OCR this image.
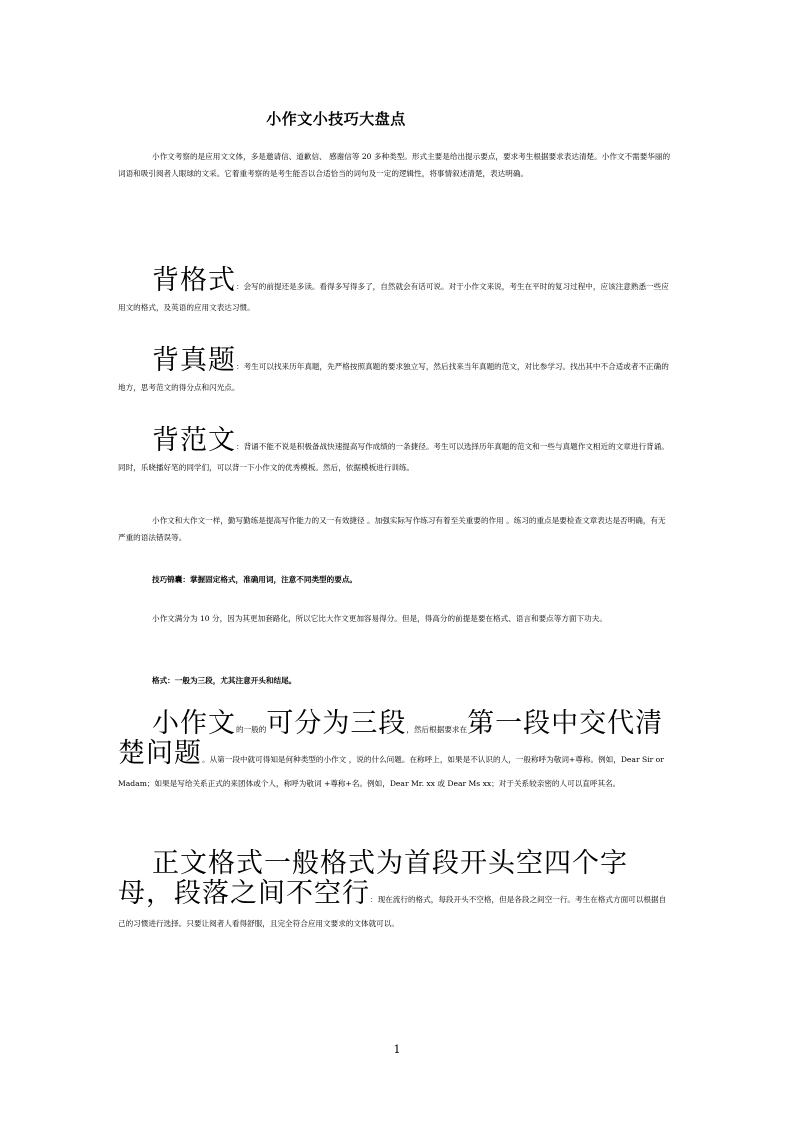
小作文小技巧大盘点

小作文考察的是应用文文体，多是邀请信、道歉信、 感谢信等 20 多种类型。形式主要是给出提示要点，要求考生根据要求表达清楚。小作文不需要华丽的词语和吸引阅者人眼球的文采。它着重考察的是考生能否以合适恰当的词句及一定的逻辑性，将事情叙述清楚，表达明确。

背格式：会写的前提还是多读。看得多写得多了，自然就会有话可说。对于小作文来说，考生在平时的复习过程中，应该注意熟悉一些应用文的格式，及英语的应用文表达习惯。

背真题：考生可以找来历年真题，先严格按照真题的要求独立写，然后找来当年真题的范文，对比参学习。找出其中不合适或者不正确的地方，思考范文的得分点和闪光点。

背范文：背诵不能不说是积极备战快速提高写作成绩的一条捷径。考生可以选择历年真题的范文和一些与真题作文相近的文章进行背诵。同时，乐晓播好笔的同学们，可以背一下小作文的优秀模板。然后，依据模板进行训练。

小作文和大作文一样，勤写勤练是提高写作能力的又一有效捷径 。加强实际写作练习有着至关重要的作用 。练习的重点是要检查文章表达是否明确，有无严重的语法错误等。

技巧锦囊：掌握固定格式，准确用词，注意不同类型的要点。

小作文满分为 10 分，因为其更加套路化，所以它比大作文更加容易得分。但是，得高分的前提是要在格式、语言和要点等方面下功夫。

格式：一般为三段，尤其注意开头和结尾。

小作文的一般的可分为三段，然后根据要求在第一段中交代清楚问题。从第一段中就可得知是何种类型的小作文 ，说的什么问题。在称呼上，如果是不认识的人，一般称呼为敬词+尊称。例如，Dear Sir or Madam；如果是写给关系正式的来团体或个人，称呼为敬词 +尊称+名。例如，Dear Mr. xx 或 Dear Ms xx；对于关系较亲密的人可以直呼其名。

正文格式一般格式为首段开头空四个字母，段落之间不空行：现在流行的格式，每段开头不空格，但是各段之间空一行。考生在格式方面可以根据自己的习惯进行选择。只要让阅者人看得舒服，且完全符合应用文要求的文体就可以。

1
